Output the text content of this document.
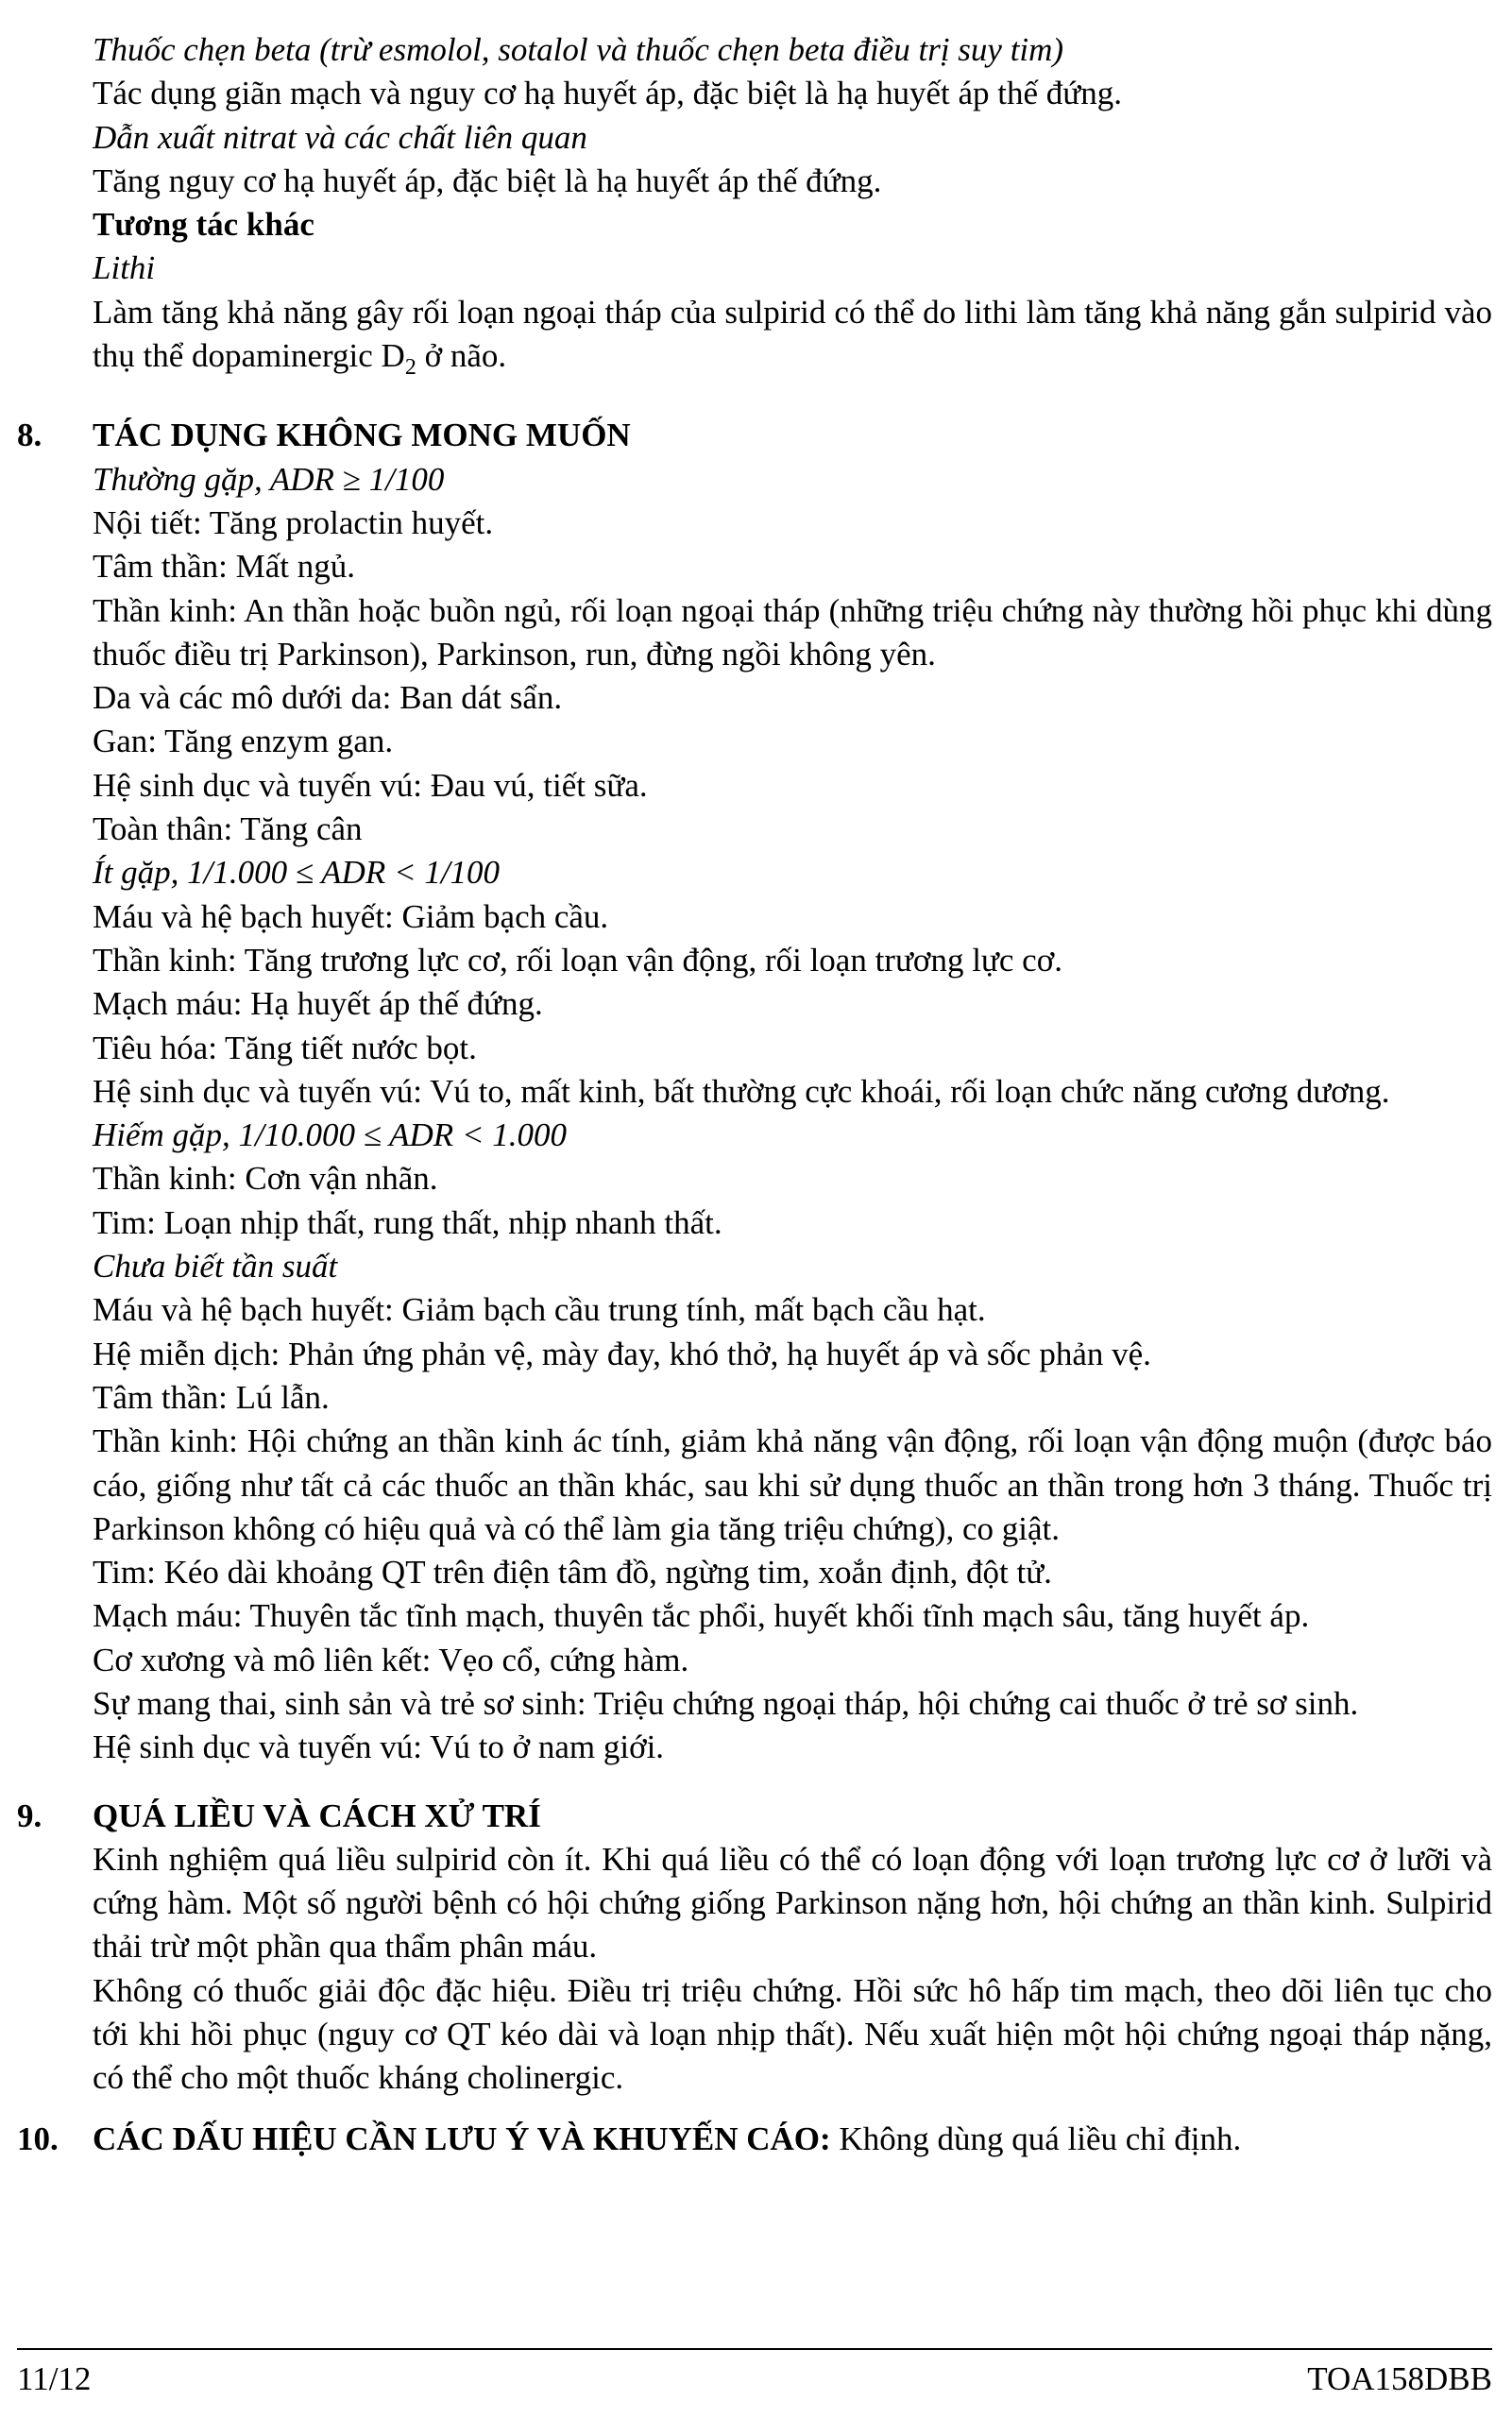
Thuốc chẹn beta (trừ esmolol, sotalol và thuốc chẹn beta điều trị suy tim)

Tác dụng giãn mạch và nguy cơ hạ huyết áp, đặc biệt là hạ huyết áp thế đứng.

Dẫn xuất nitrat và các chất liên quan

Tăng nguy cơ hạ huyết áp, đặc biệt là hạ huyết áp thế đứng.

Tương tác khác

Lithi

Làm tăng khả năng gây rối loạn ngoại tháp của sulpirid có thể do lithi làm tăng khả năng gắn sulpirid vào thụ thể dopaminergic $D_2$ ở não.

8. TÁC DỤNG KHÔNG MONG MUỐN

Thường gặp, ADR ≥ 1/100

Nội tiết: Tăng prolactin huyết.

Tâm thần: Mất ngủ.

Thần kinh: An thần hoặc buồn ngủ, rối loạn ngoại tháp (những triệu chứng này thường hồi phục khi dùng thuốc điều trị Parkinson), Parkinson, run, đừng ngồi không yên.

Da và các mô dưới da: Ban dát sẩn.

Gan: Tăng enzym gan.

Hệ sinh dục và tuyến vú: Đau vú, tiết sữa.

Toàn thân: Tăng cân

Ít gặp, 1/1.000 ≤ ADR < 1/100

Máu và hệ bạch huyết: Giảm bạch cầu.

Thần kinh: Tăng trương lực cơ, rối loạn vận động, rối loạn trương lực cơ.

Mạch máu: Hạ huyết áp thế đứng.

Tiêu hóa: Tăng tiết nước bọt.

Hệ sinh dục và tuyến vú: Vú to, mất kinh, bất thường cực khoái, rối loạn chức năng cương dương.

Hiếm gặp, 1/10.000 ≤ ADR < 1.000

Thần kinh: Cơn vận nhãn.

Tim: Loạn nhịp thất, rung thất, nhịp nhanh thất.

Chưa biết tần suất

Máu và hệ bạch huyết: Giảm bạch cầu trung tính, mất bạch cầu hạt.

Hệ miễn dịch: Phản ứng phản vệ, mày đay, khó thở, hạ huyết áp và sốc phản vệ.

Tâm thần: Lú lẫn.

Thần kinh: Hội chứng an thần kinh ác tính, giảm khả năng vận động, rối loạn vận động muộn (được báo cáo, giống như tất cả các thuốc an thần khác, sau khi sử dụng thuốc an thần trong hơn 3 tháng. Thuốc trị Parkinson không có hiệu quả và có thể làm gia tăng triệu chứng), co giật.

Tim: Kéo dài khoảng QT trên điện tâm đồ, ngừng tim, xoắn định, đột tử.

Mạch máu: Thuyên tắc tĩnh mạch, thuyên tắc phổi, huyết khối tĩnh mạch sâu, tăng huyết áp.

Cơ xương và mô liên kết: Vẹo cổ, cứng hàm.

Sự mang thai, sinh sản và trẻ sơ sinh: Triệu chứng ngoại tháp, hội chứng cai thuốc ở trẻ sơ sinh.

Hệ sinh dục và tuyến vú: Vú to ở nam giới.

9. QUÁ LIỀU VÀ CÁCH XỬ TRÍ

Kinh nghiệm quá liều sulpirid còn ít. Khi quá liều có thể có loạn động với loạn trương lực cơ ở lưỡi và cứng hàm. Một số người bệnh có hội chứng giống Parkinson nặng hơn, hội chứng an thần kinh. Sulpirid thải trừ một phần qua thẩm phân máu.

Không có thuốc giải độc đặc hiệu. Điều trị triệu chứng. Hồi sức hô hấp tim mạch, theo dõi liên tục cho tới khi hồi phục (nguy cơ QT kéo dài và loạn nhịp thất). Nếu xuất hiện một hội chứng ngoại tháp nặng, có thể cho một thuốc kháng cholinergic.

10. CÁC DẤU HIỆU CẦN LƯU Ý VÀ KHUYẾN CÁO: Không dùng quá liều chỉ định.

11/12	TOA158DBB
